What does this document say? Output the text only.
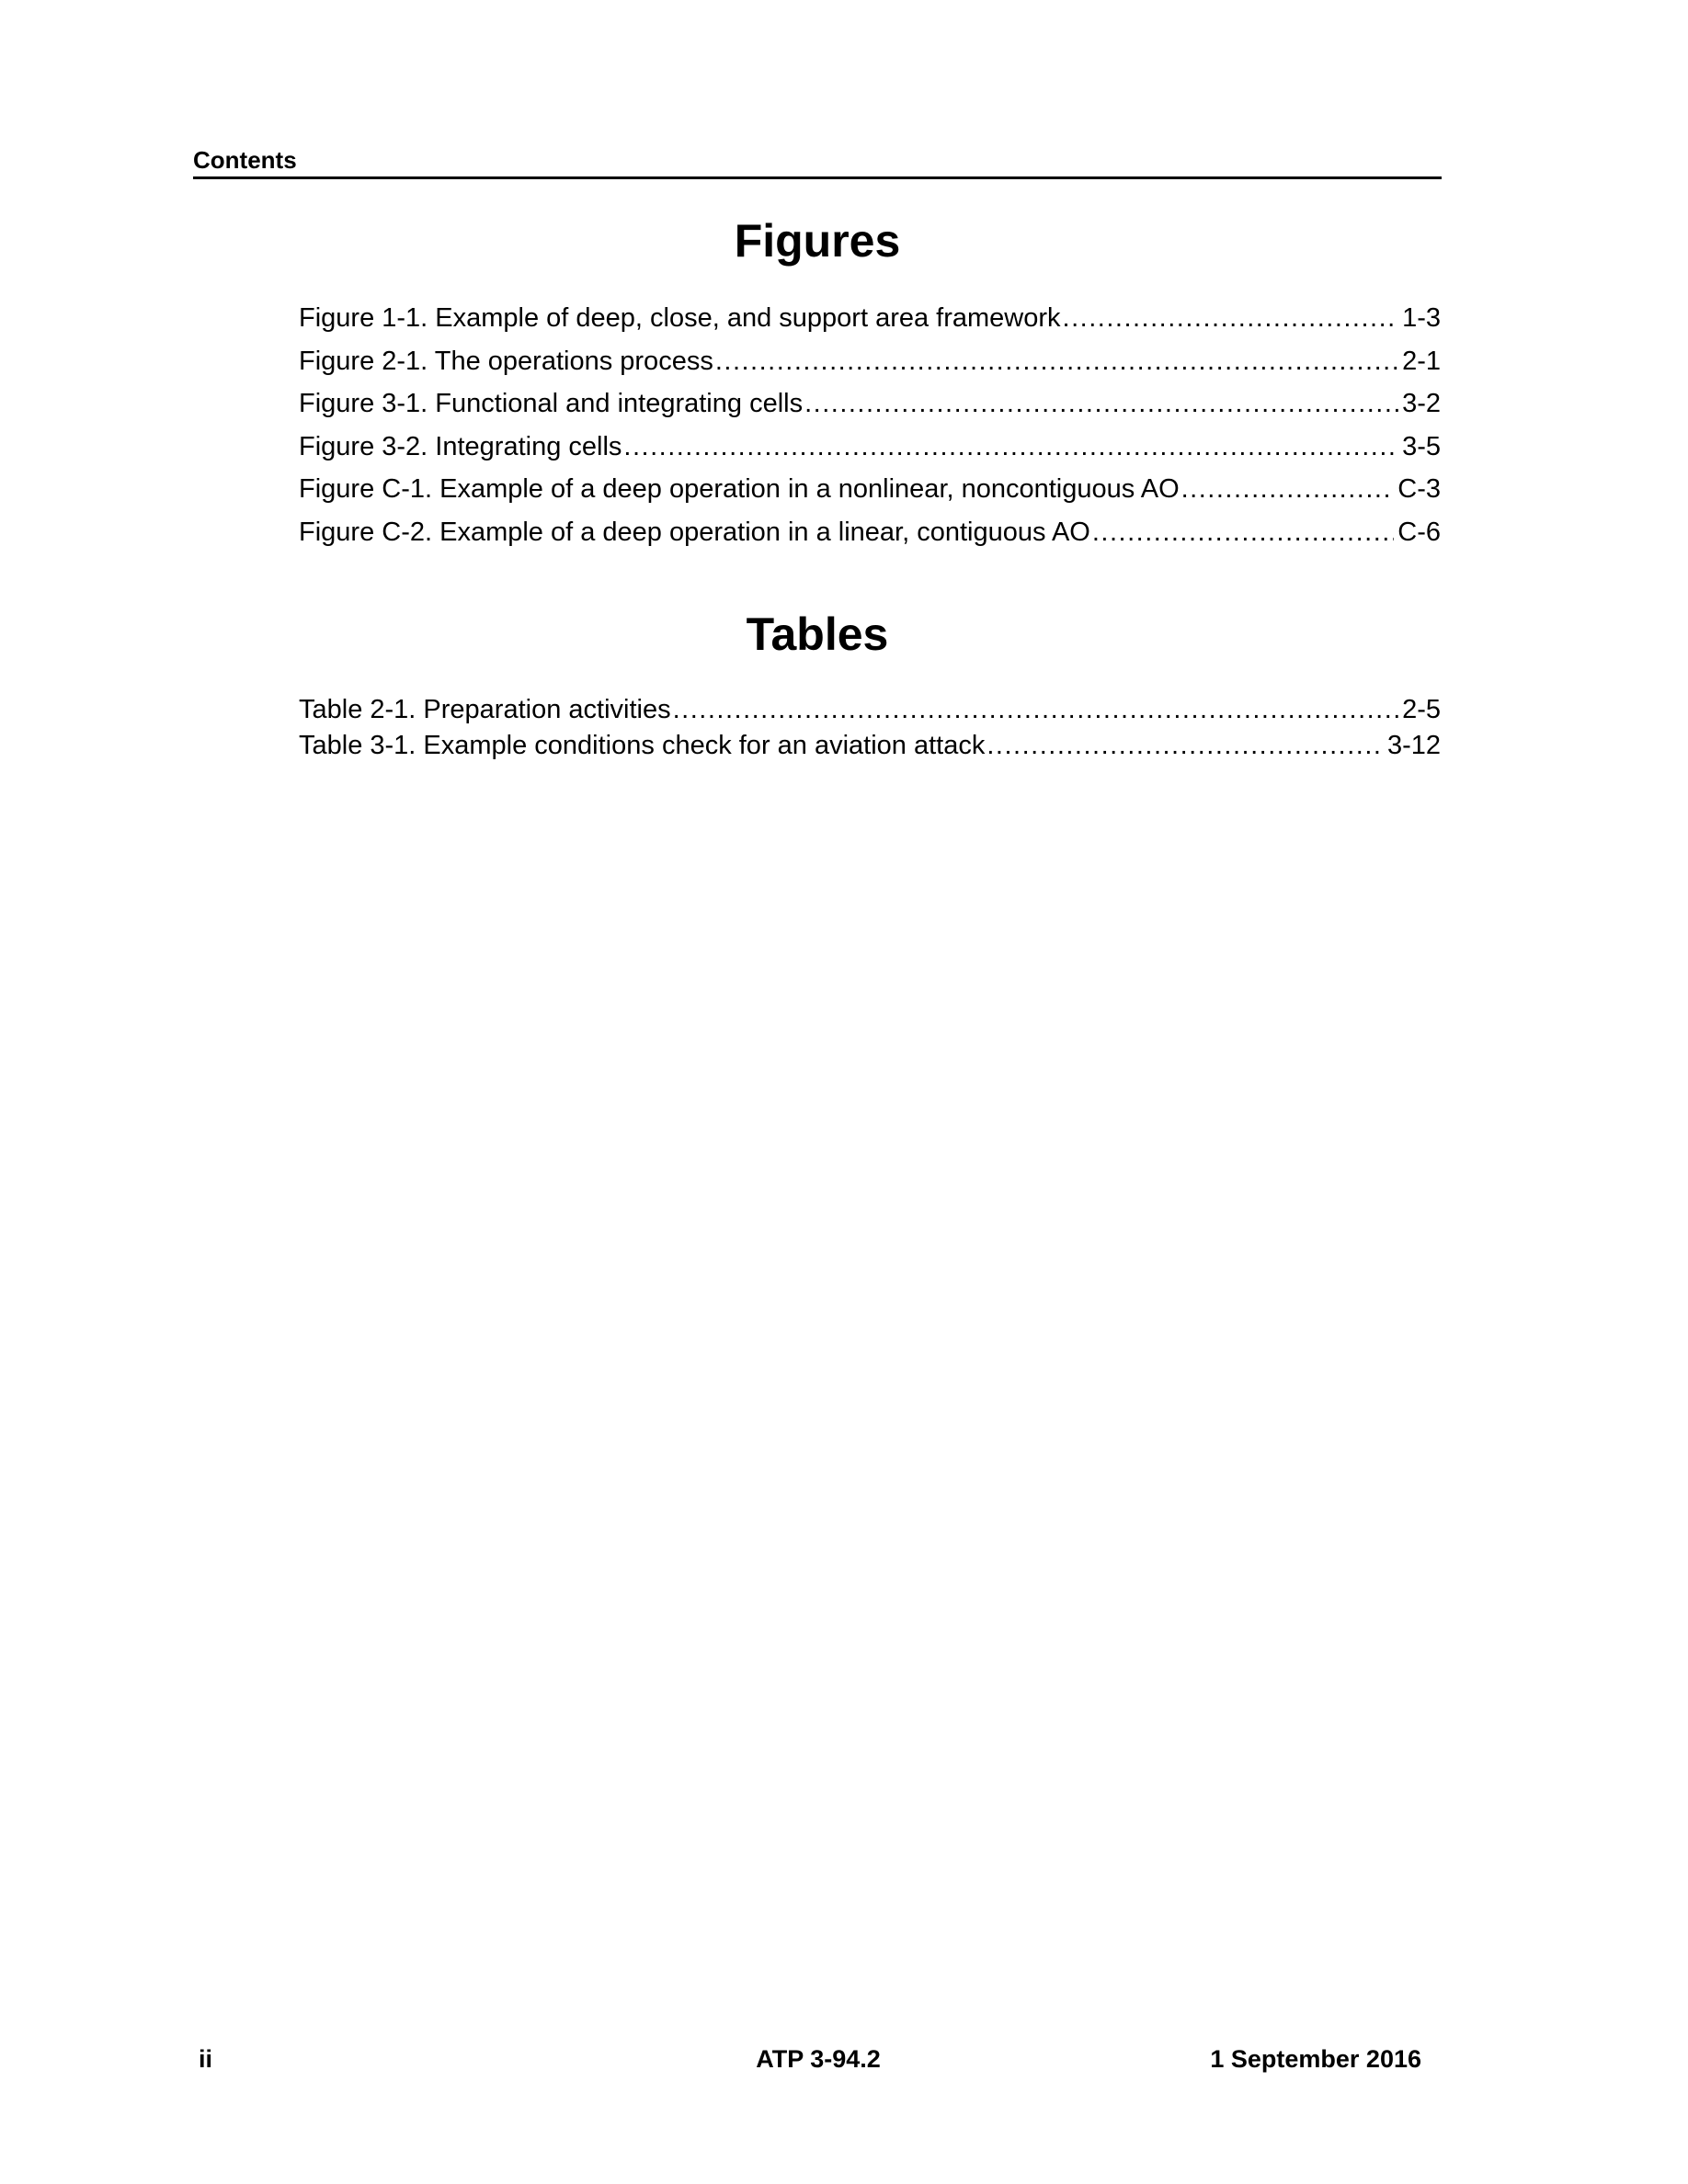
Contents
Figures
Figure 1-1. Example of deep, close, and support area framework .....	1-3
Figure 2-1. The operations process .....	2-1
Figure 3-1. Functional and integrating cells .....	3-2
Figure 3-2. Integrating cells .....	3-5
Figure C-1. Example of a deep operation in a nonlinear, noncontiguous AO .....	C-3
Figure C-2. Example of a deep operation in a linear, contiguous AO .....	C-6
Tables
Table 2-1. Preparation activities .....	2-5
Table 3-1. Example conditions check for an aviation attack .....	3-12
ii	ATP 3-94.2	1 September 2016
